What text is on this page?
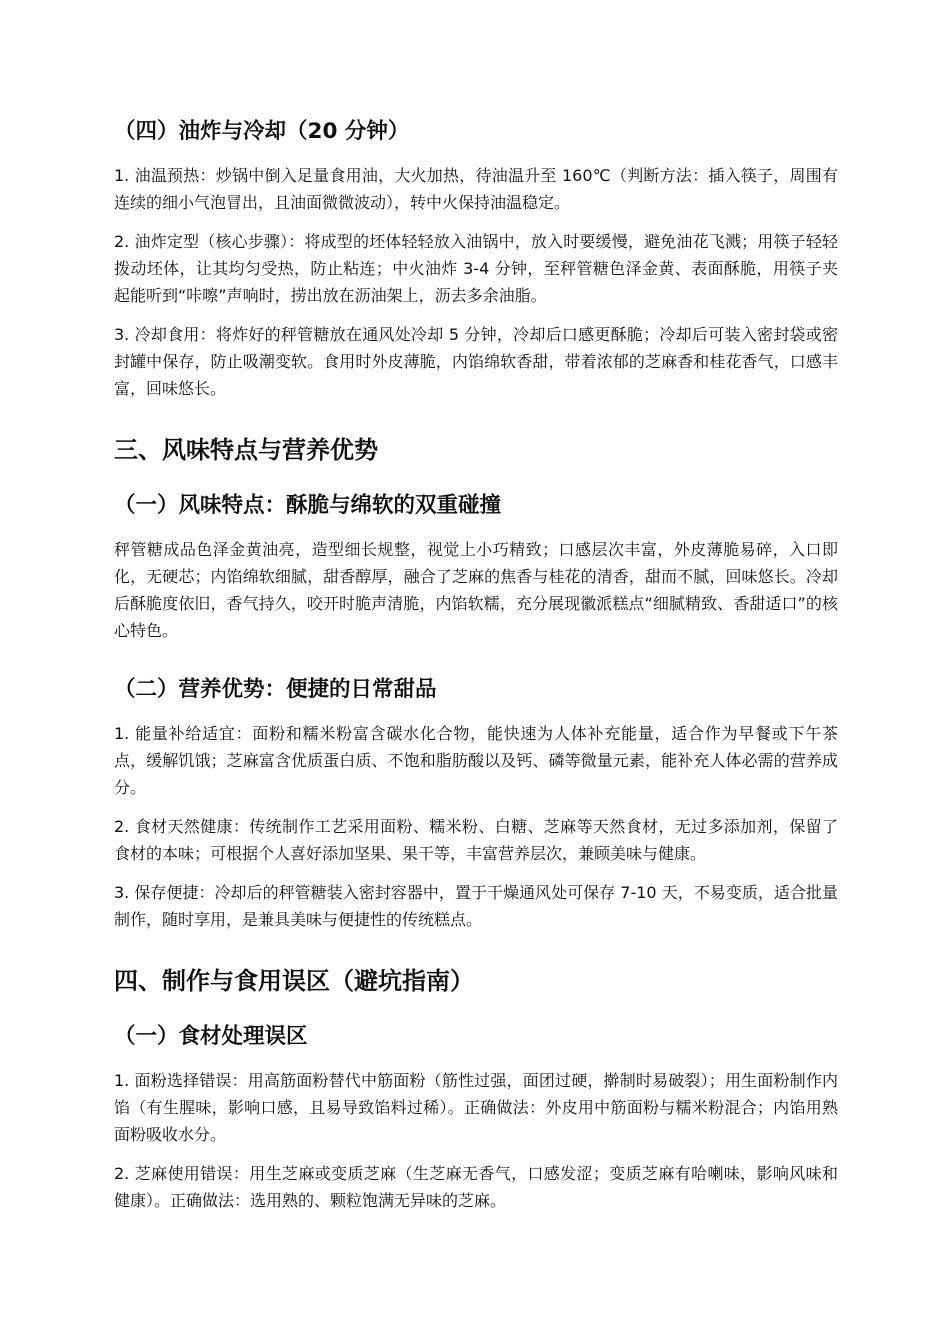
（四）油炸与冷却（20 分钟）
1. 油温预热：炒锅中倒入足量食用油，大火加热，待油温升至 160℃（判断方法：插入筷子，周围有连续的细小气泡冒出，且油面微微波动），转中火保持油温稳定。
2. 油炸定型（核心步骤）：将成型的坯体轻轻放入油锅中，放入时要缓慢，避免油花飞溅；用筷子轻轻拨动坯体，让其均匀受热，防止粘连；中火油炸 3-4 分钟，至秤管糖色泽金黄、表面酥脆，用筷子夹起能听到“咔嚓”声响时，捞出放在沥油架上，沥去多余油脂。
3. 冷却食用：将炸好的秤管糖放在通风处冷却 5 分钟，冷却后口感更酥脆；冷却后可装入密封袋或密封罐中保存，防止吸潮变软。食用时外皮薄脆，内馅绵软香甜，带着浓郁的芝麻香和桂花香气，口感丰富，回味悠长。
三、风味特点与营养优势
（一）风味特点：酥脆与绵软的双重碰撞
秤管糖成品色泽金黄油亮，造型细长规整，视觉上小巧精致；口感层次丰富，外皮薄脆易碎，入口即化，无硬芯；内馅绵软细腻，甜香醇厚，融合了芝麻的焦香与桂花的清香，甜而不腻，回味悠长。冷却后酥脆度依旧，香气持久，咬开时脆声清脆，内馅软糯，充分展现徽派糕点“细腻精致、香甜适口”的核心特色。
（二）营养优势：便捷的日常甜品
1. 能量补给适宜：面粉和糯米粉富含碳水化合物，能快速为人体补充能量，适合作为早餐或下午茶点，缓解饥饿；芝麻富含优质蛋白质、不饱和脂肪酸以及钙、磷等微量元素，能补充人体必需的营养成分。
2. 食材天然健康：传统制作工艺采用面粉、糯米粉、白糖、芝麻等天然食材，无过多添加剂，保留了食材的本味；可根据个人喜好添加坚果、果干等，丰富营养层次，兼顾美味与健康。
3. 保存便捷：冷却后的秤管糖装入密封容器中，置于干燥通风处可保存 7-10 天，不易变质，适合批量制作，随时享用，是兼具美味与便捷性的传统糕点。
四、制作与食用误区（避坑指南）
（一）食材处理误区
1. 面粉选择错误：用高筋面粉替代中筋面粉（筋性过强，面团过硬，擀制时易破裂）；用生面粉制作内馅（有生腥味，影响口感，且易导致馅料过稀）。正确做法：外皮用中筋面粉与糯米粉混合；内馅用熟面粉吸收水分。
2. 芝麻使用错误：用生芝麻或变质芝麻（生芝麻无香气，口感发涩；变质芝麻有哈喇味，影响风味和健康）。正确做法：选用熟的、颗粒饱满无异味的芝麻。
